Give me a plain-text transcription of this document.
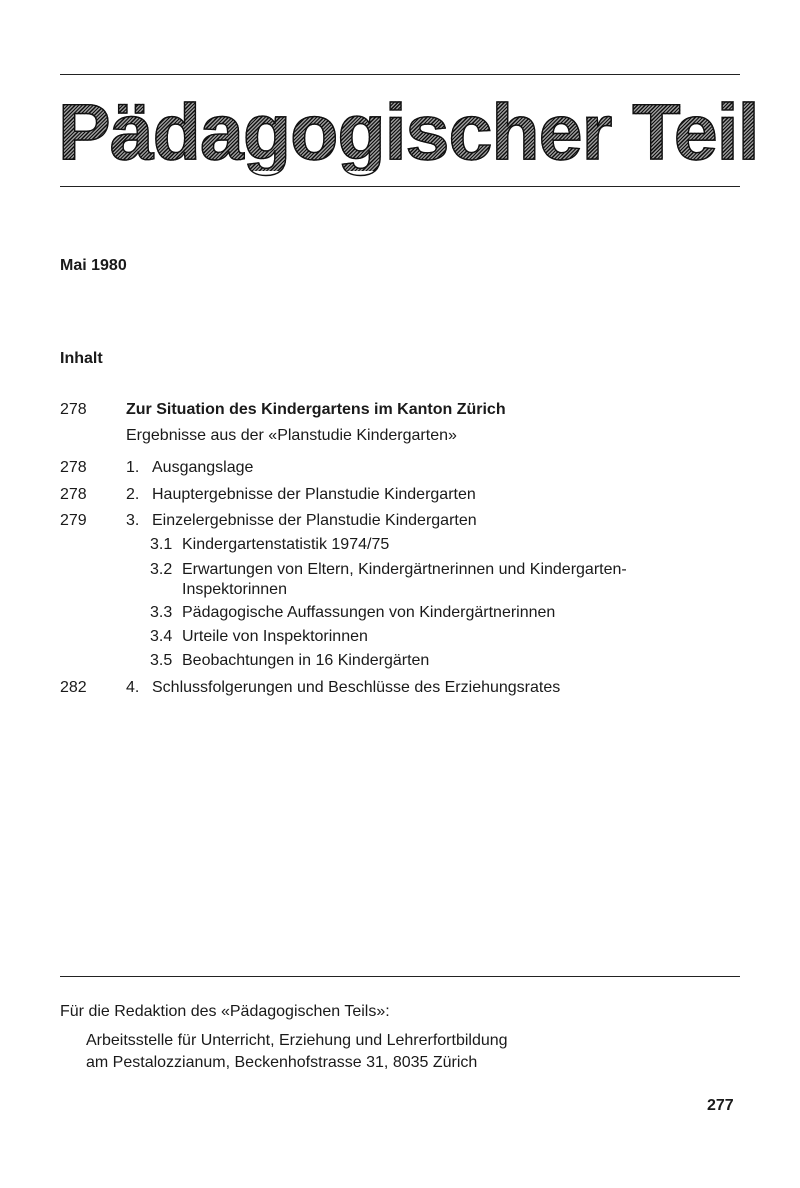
Pädagogischer Teil
Mai 1980
Inhalt
278 Zur Situation des Kindergartens im Kanton Zürich
Ergebnisse aus der «Planstudie Kindergarten»
278 1. Ausgangslage
278 2. Hauptergebnisse der Planstudie Kindergarten
279 3. Einzelergebnisse der Planstudie Kindergarten
3.1 Kindergartenstatistik 1974/75
3.2 Erwartungen von Eltern, Kindergärtnerinnen und Kindergarten-
Inspektorinnen
3.3 Pädagogische Auffassungen von Kindergärtnerinnen
3.4 Urteile von Inspektorinnen
3.5 Beobachtungen in 16 Kindergärten
282 4. Schlussfolgerungen und Beschlüsse des Erziehungsrates
Für die Redaktion des «Pädagogischen Teils»:
Arbeitsstelle für Unterricht, Erziehung und Lehrerfortbildung
am Pestalozzianum, Beckenhofstrasse 31, 8035 Zürich
277
